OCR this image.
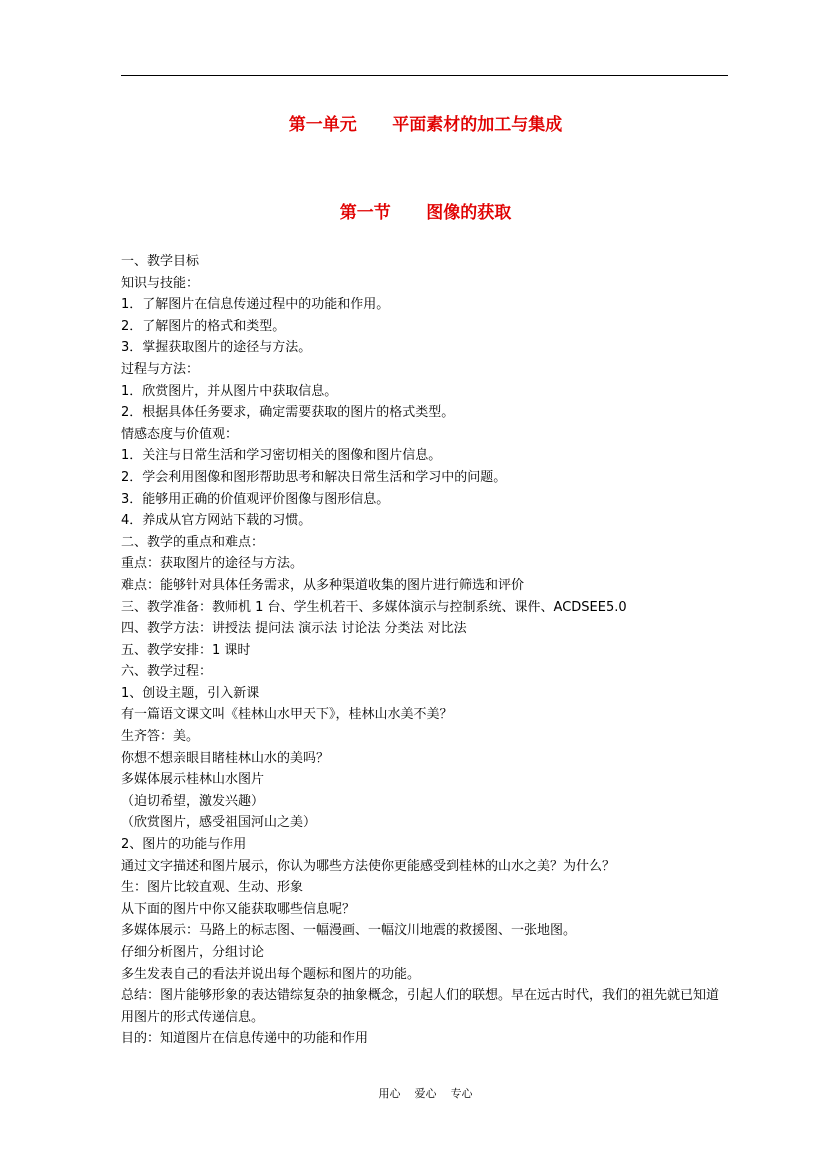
第一单元      平面素材的加工与集成
第一节      图像的获取
一、教学目标
知识与技能：
1．了解图片在信息传递过程中的功能和作用。
2．了解图片的格式和类型。
3．掌握获取图片的途径与方法。
过程与方法：
1．欣赏图片，并从图片中获取信息。
2．根据具体任务要求，确定需要获取的图片的格式类型。
情感态度与价值观：
1．关注与日常生活和学习密切相关的图像和图片信息。
2．学会利用图像和图形帮助思考和解决日常生活和学习中的问题。
3．能够用正确的价值观评价图像与图形信息。
4．养成从官方网站下载的习惯。
二、教学的重点和难点：
重点：获取图片的途径与方法。
难点：能够针对具体任务需求，从多种渠道收集的图片进行筛选和评价
三、教学准备：教师机 1 台、学生机若干、多媒体演示与控制系统、课件、ACDSEE5.0
四、教学方法：讲授法 提问法 演示法 讨论法 分类法 对比法
五、教学安排：1 课时
六、教学过程：
1、创设主题，引入新课
有一篇语文课文叫《桂林山水甲天下》，桂林山水美不美？
生齐答：美。
你想不想亲眼目睹桂林山水的美吗？
多媒体展示桂林山水图片
（迫切希望，激发兴趣）
（欣赏图片，感受祖国河山之美）
2、图片的功能与作用
通过文字描述和图片展示，你认为哪些方法使你更能感受到桂林的山水之美？为什么？
生：图片比较直观、生动、形象
从下面的图片中你又能获取哪些信息呢？
多媒体展示：马路上的标志图、一幅漫画、一幅汶川地震的救援图、一张地图。
仔细分析图片，分组讨论
多生发表自己的看法并说出每个题标和图片的功能。
总结：图片能够形象的表达错综复杂的抽象概念，引起人们的联想。早在远古时代，我们的祖先就已知道用图片的形式传递信息。
目的：知道图片在信息传递中的功能和作用
用心    爱心    专心
